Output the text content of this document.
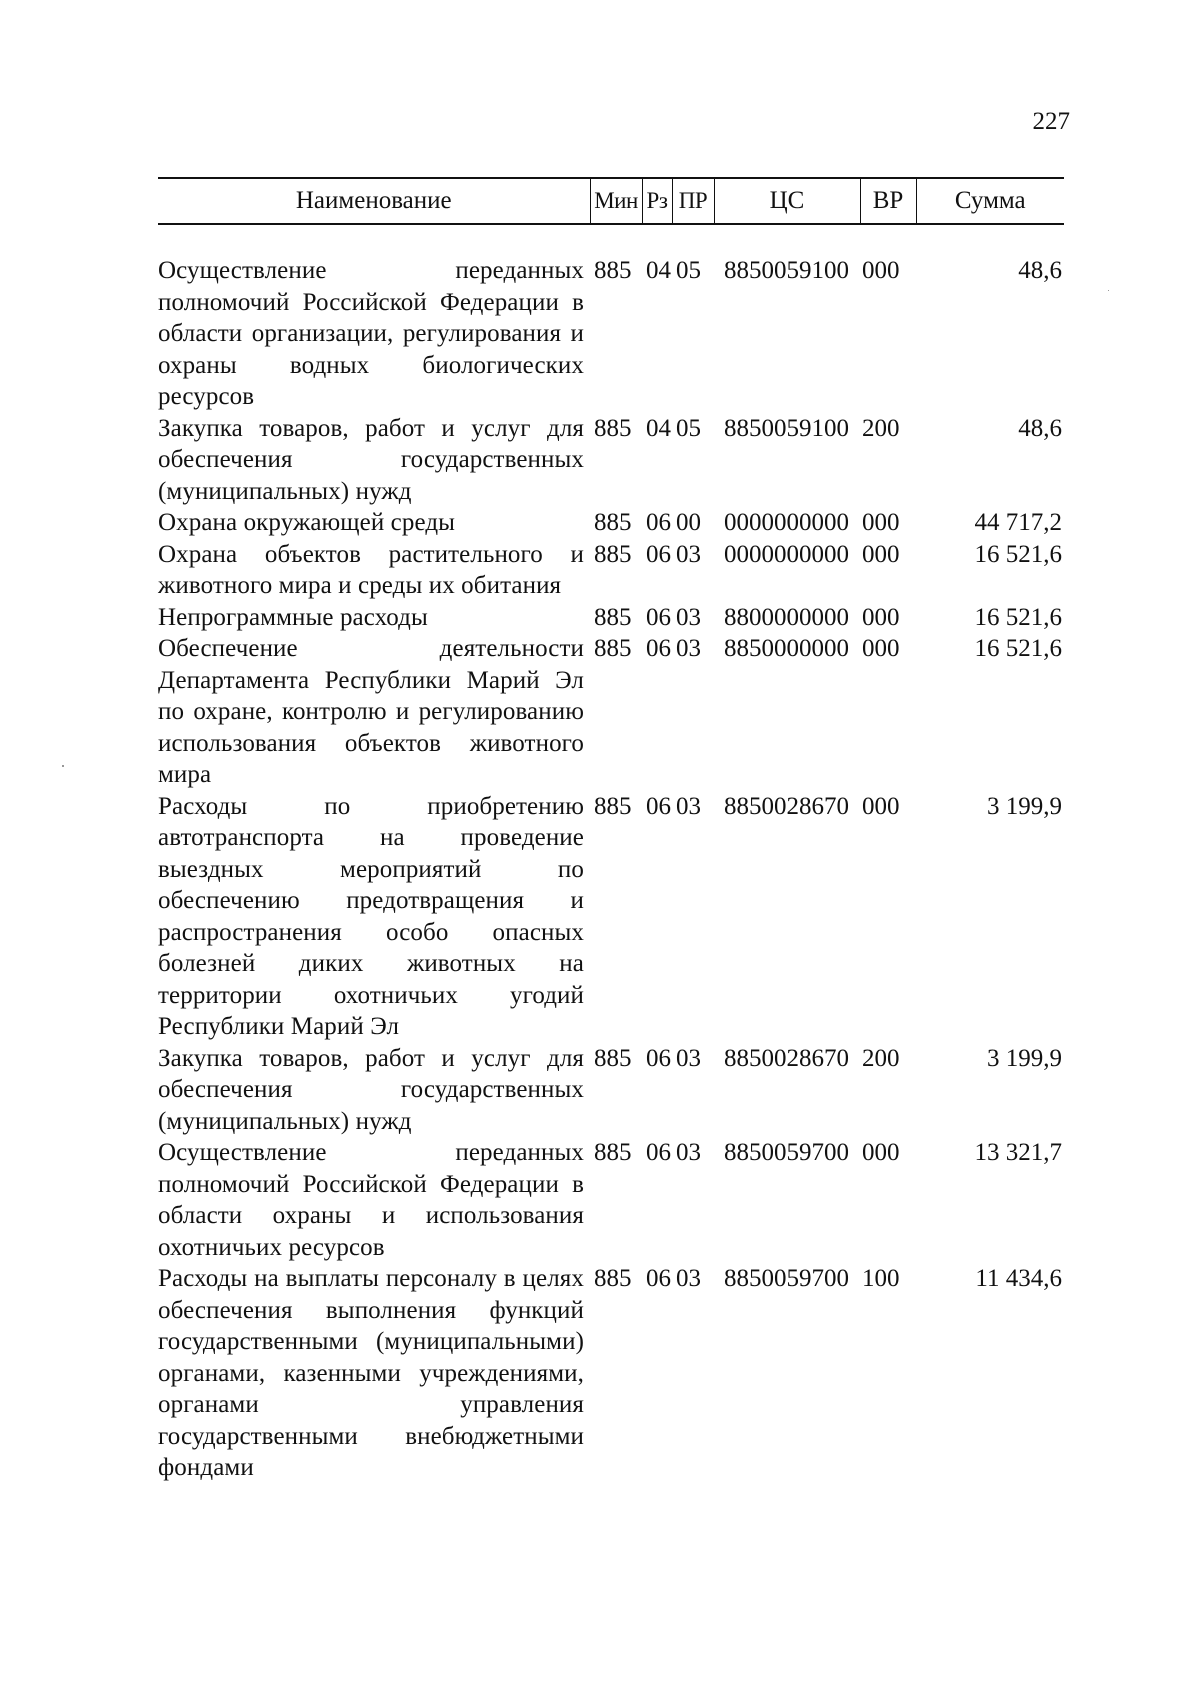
227
Наименование	Мин	Рз	ПР	ЦС	ВР	Сумма

Осуществление переданных полномочий Российской Федерации в области организации, регулирования и охраны водных биологических ресурсов	885	04	05	8850059100	000	48,6
Закупка товаров, работ и услуг для обеспечения государственных (муниципальных) нужд	885	04	05	8850059100	200	48,6
Охрана окружающей среды	885	06	00	0000000000	000	44 717,2
Охрана объектов растительного и животного мира и среды их обитания	885	06	03	0000000000	000	16 521,6
Непрограммные расходы	885	06	03	8800000000	000	16 521,6
Обеспечение деятельности Департамента Республики Марий Эл по охране, контролю и регулированию использования объектов животного мира	885	06	03	8850000000	000	16 521,6
Расходы по приобретению автотранспорта на проведение выездных мероприятий по обеспечению предотвращения и распространения особо опасных болезней диких животных на территории охотничьих угодий Республики Марий Эл	885	06	03	8850028670	000	3 199,9
Закупка товаров, работ и услуг для обеспечения государственных (муниципальных) нужд	885	06	03	8850028670	200	3 199,9
Осуществление переданных полномочий Российской Федерации в области охраны и использования охотничьих ресурсов	885	06	03	8850059700	000	13 321,7
Расходы на выплаты персоналу в целях обеспечения выполнения функций государственными (муниципальными) органами, казенными учреждениями, органами управления государственными внебюджетными фондами	885	06	03	8850059700	100	11 434,6
